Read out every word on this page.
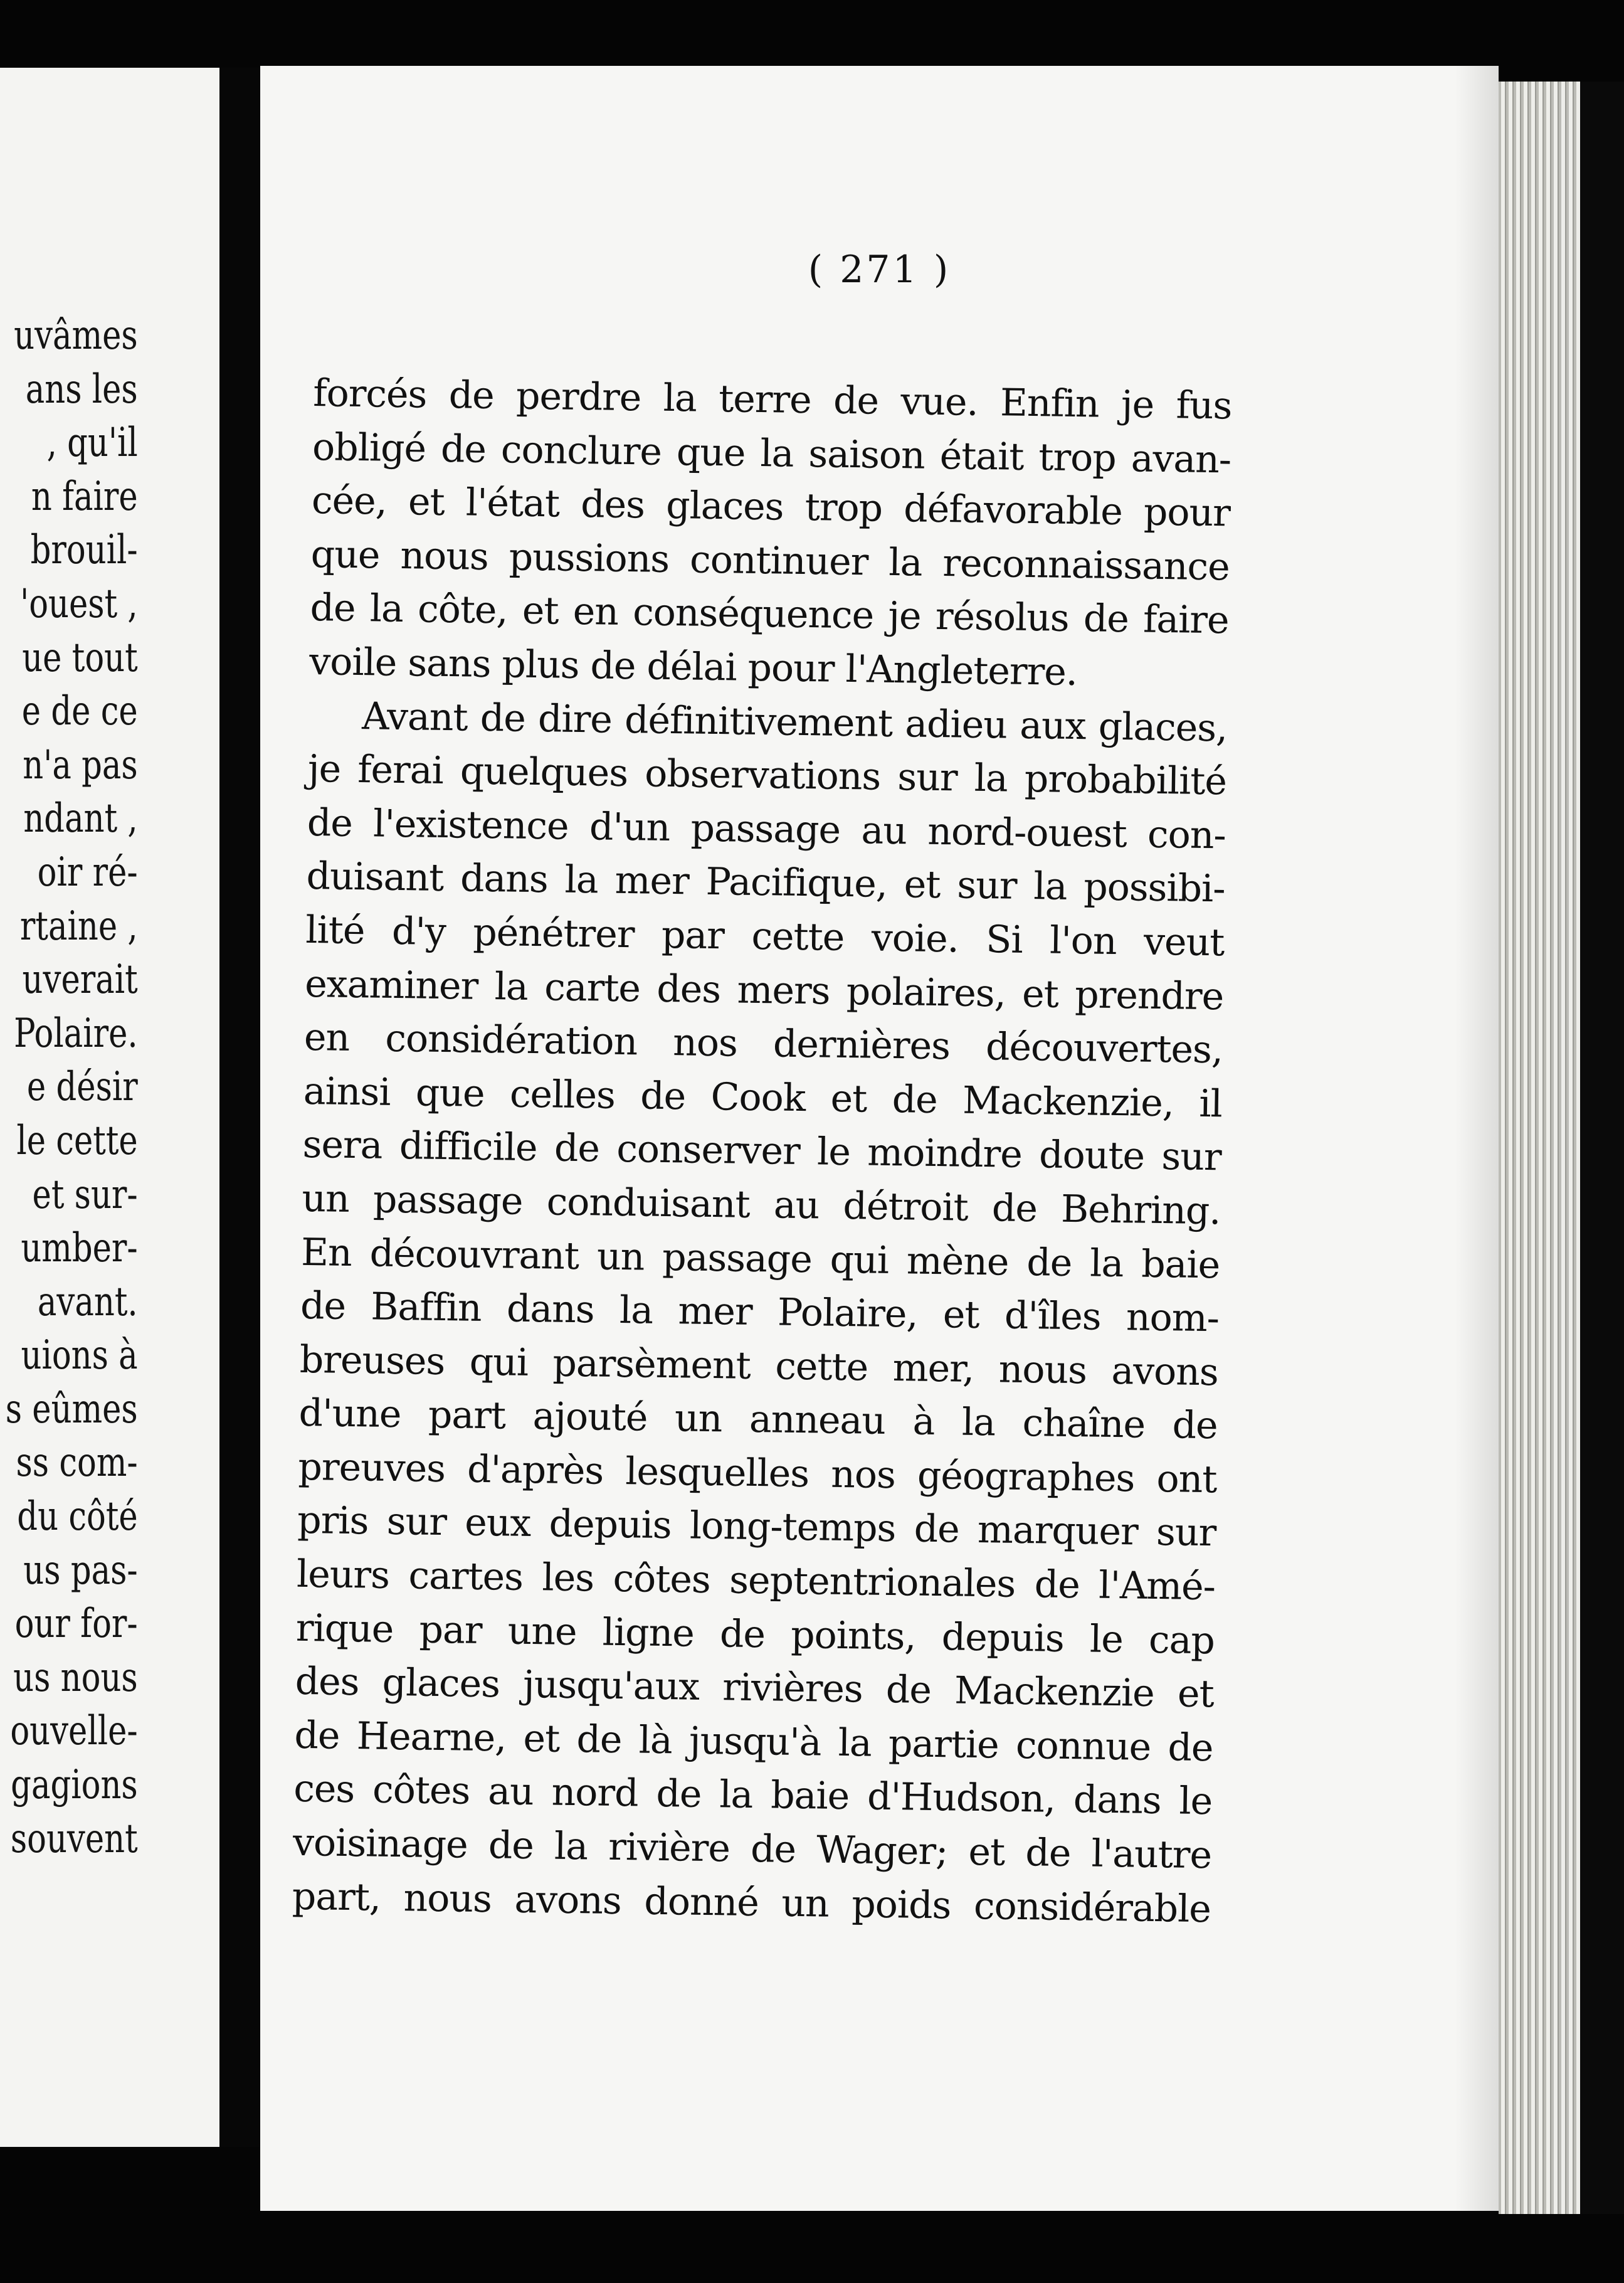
uvâmes
ans les
, qu'il
n faire
brouil-
'ouest ,
ue tout
e de ce
n'a pas
ndant ,
oir ré-
rtaine ,
uverait
Polaire.
e désir
le cette
et sur-
umber-
avant.
uions à
s eûmes
ss com-
du côté
us pas-
our for-
us nous
ouvelle-
gagions
souvent
( 271 )
forcés de perdre la terre de vue. Enfin je fus
obligé de conclure que la saison était trop avan-
cée, et l'état des glaces trop défavorable pour
que nous pussions continuer la reconnaissance
de la côte, et en conséquence je résolus de faire
voile sans plus de délai pour l'Angleterre.
Avant de dire définitivement adieu aux glaces,
je ferai quelques observations sur la probabilité
de l'existence d'un passage au nord-ouest con-
duisant dans la mer Pacifique, et sur la possibi-
lité d'y pénétrer par cette voie. Si l'on veut
examiner la carte des mers polaires, et prendre
en considération nos dernières découvertes,
ainsi que celles de Cook et de Mackenzie, il
sera difficile de conserver le moindre doute sur
un passage conduisant au détroit de Behring.
En découvrant un passage qui mène de la baie
de Baffin dans la mer Polaire, et d'îles nom-
breuses qui parsèment cette mer, nous avons
d'une part ajouté un anneau à la chaîne de
preuves d'après lesquelles nos géographes ont
pris sur eux depuis long-temps de marquer sur
leurs cartes les côtes septentrionales de l'Amé-
rique par une ligne de points, depuis le cap
des glaces jusqu'aux rivières de Mackenzie et
de Hearne, et de là jusqu'à la partie connue de
ces côtes au nord de la baie d'Hudson, dans le
voisinage de la rivière de Wager; et de l'autre
part, nous avons donné un poids considérable
